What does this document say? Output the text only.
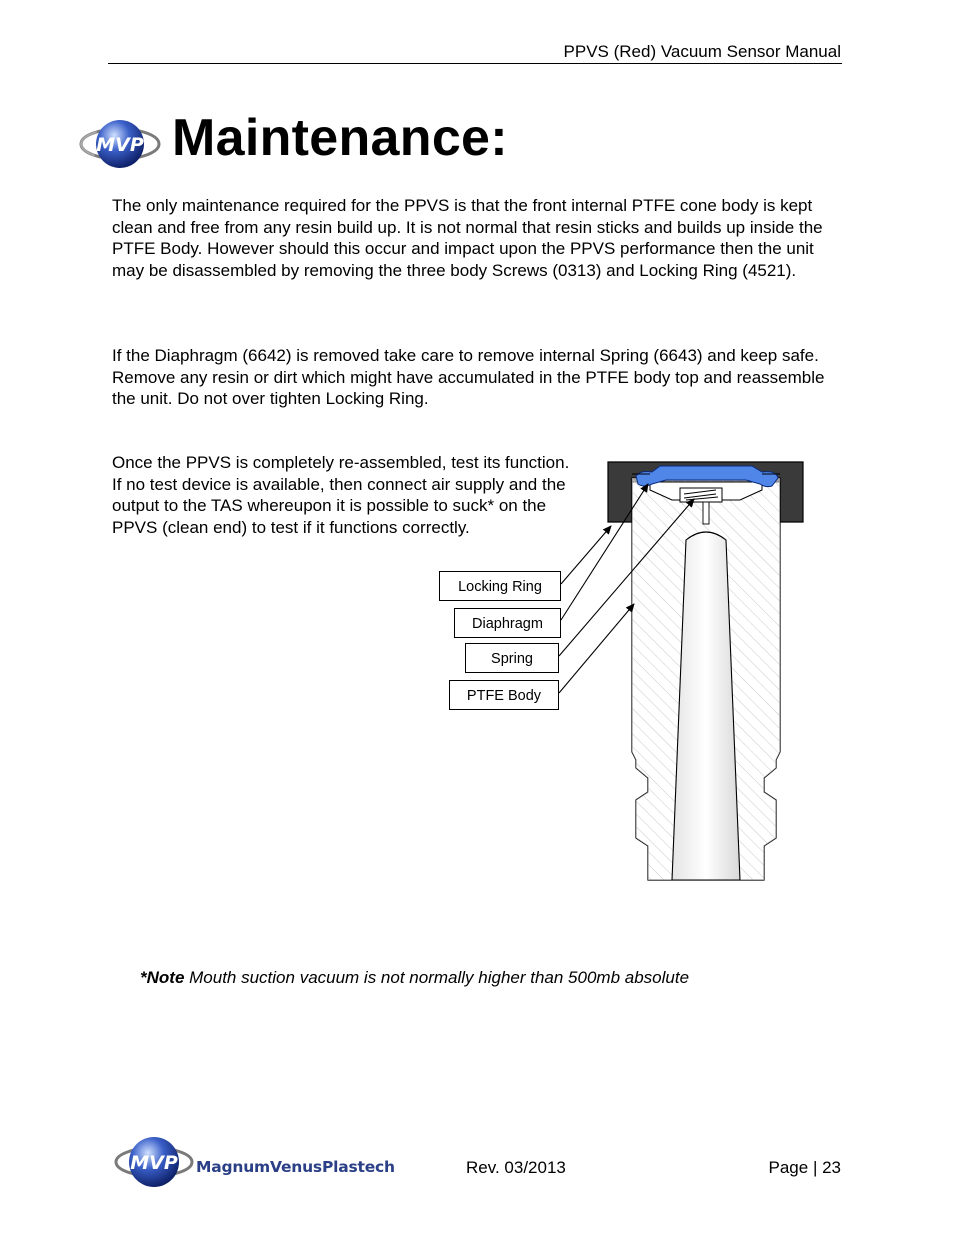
PPVS (Red) Vacuum Sensor Manual
MVP Maintenance:
The only maintenance required for the PPVS is that the front internal PTFE cone body is kept clean and free from any resin build up. It is not normal that resin sticks and builds up inside the PTFE Body. However should this occur and impact upon the PPVS performance then the unit may be disassembled by removing the three body Screws (0313) and Locking Ring (4521).
If the Diaphragm (6642) is removed take care to remove internal Spring (6643) and keep safe. Remove any resin or dirt which might have accumulated in the PTFE body top and reassemble the unit. Do not over tighten Locking Ring.
Once the PPVS is completely re-assembled, test its function. If no test device is available, then connect air supply and the output to the TAS whereupon it is possible to suck* on the PPVS (clean end) to test if it functions correctly.
Locking Ring
Diaphragm
Spring
PTFE Body
*Note Mouth suction vacuum is not normally higher than 500mb absolute
MVP MagnumVenusPlastech	Rev. 03/2013	Page | 23
